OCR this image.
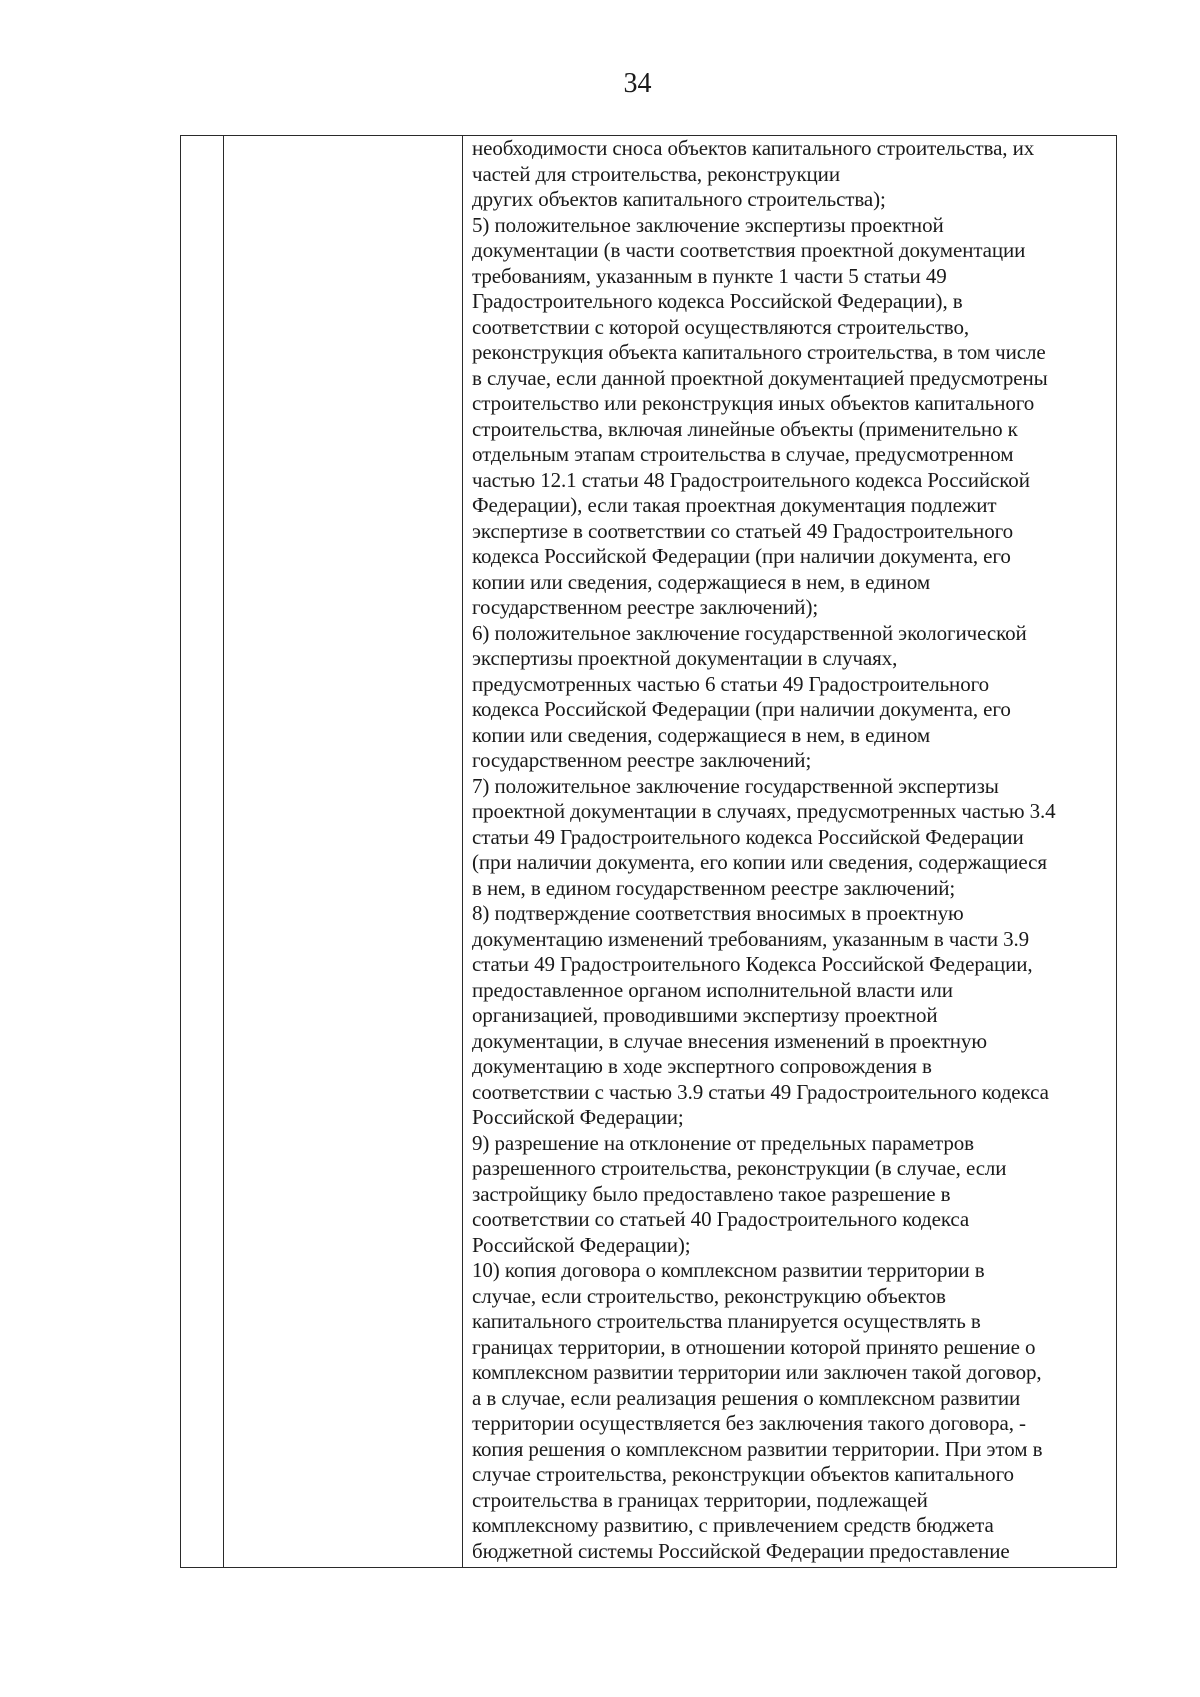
34
необходимости сноса объектов капитального строительства, их
частей для строительства, реконструкции
других объектов капитального строительства);
5) положительное заключение экспертизы проектной
документации (в части соответствия проектной документации
требованиям, указанным в пункте 1 части 5 статьи 49
Градостроительного кодекса Российской Федерации), в
соответствии с которой осуществляются строительство,
реконструкция объекта капитального строительства, в том числе
в случае, если данной проектной документацией предусмотрены
строительство или реконструкция иных объектов капитального
строительства, включая линейные объекты (применительно к
отдельным этапам строительства в случае, предусмотренном
частью 12.1 статьи 48 Градостроительного кодекса Российской
Федерации), если такая проектная документация подлежит
экспертизе в соответствии со статьей 49 Градостроительного
кодекса Российской Федерации (при наличии документа, его
копии или сведения, содержащиеся в нем, в едином
государственном реестре заключений);
6) положительное заключение государственной экологической
экспертизы проектной документации в случаях,
предусмотренных частью 6 статьи 49 Градостроительного
кодекса Российской Федерации (при наличии документа, его
копии или сведения, содержащиеся в нем, в едином
государственном реестре заключений;
7) положительное заключение государственной экспертизы
проектной документации в случаях, предусмотренных частью 3.4
статьи 49 Градостроительного кодекса Российской Федерации
(при наличии документа, его копии или сведения, содержащиеся
в нем, в едином государственном реестре заключений;
8) подтверждение соответствия вносимых в проектную
документацию изменений требованиям, указанным в части 3.9
статьи 49 Градостроительного Кодекса Российской Федерации,
предоставленное органом исполнительной власти или
организацией, проводившими экспертизу проектной
документации, в случае внесения изменений в проектную
документацию в ходе экспертного сопровождения в
соответствии с частью 3.9 статьи 49 Градостроительного кодекса
Российской Федерации;
9) разрешение на отклонение от предельных параметров
разрешенного строительства, реконструкции (в случае, если
застройщику было предоставлено такое разрешение в
соответствии со статьей 40 Градостроительного кодекса
Российской Федерации);
10) копия договора о комплексном развитии территории в
случае, если строительство, реконструкцию объектов
капитального строительства планируется осуществлять в
границах территории, в отношении которой принято решение о
комплексном развитии территории или заключен такой договор,
а в случае, если реализация решения о комплексном развитии
территории осуществляется без заключения такого договора, -
копия решения о комплексном развитии территории. При этом в
случае строительства, реконструкции объектов капитального
строительства в границах территории, подлежащей
комплексному развитию, с привлечением средств бюджета
бюджетной системы Российской Федерации предоставление
